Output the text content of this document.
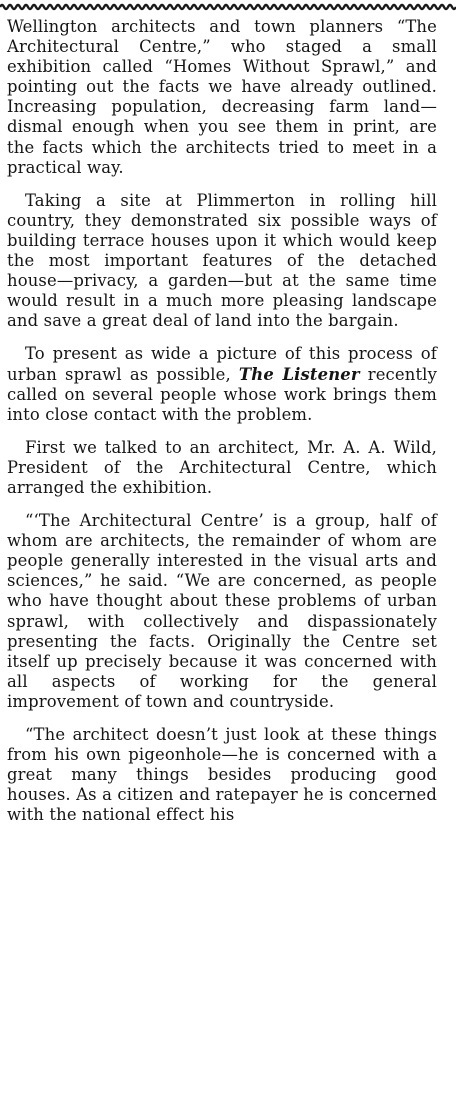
Wellington architects and town planners “The Architectural Centre,” who staged a small exhibition called “Homes Without Sprawl,” and pointing out the facts we have already outlined. Increasing population, decreasing farm land—dismal enough when you see them in print, are the facts which the architects tried to meet in a practical way.

Taking a site at Plimmerton in rolling hill country, they demonstrated six possible ways of building terrace houses upon it which would keep the most important features of the detached house—privacy, a garden—but at the same time would result in a much more pleasing landscape and save a great deal of land into the bargain.

To present as wide a picture of this process of urban sprawl as possible, The Listener recently called on several people whose work brings them into close contact with the problem.

First we talked to an architect, Mr. A. A. Wild, President of the Architectural Centre, which arranged the exhibition.

“‘The Architectural Centre’ is a group, half of whom are architects, the remainder of whom are people generally interested in the visual arts and sciences,” he said. “We are concerned, as people who have thought about these problems of urban sprawl, with collectively and dispassionately presenting the facts. Originally the Centre set itself up precisely because it was concerned with all aspects of working for the general improvement of town and countryside.

“The architect doesn’t just look at these things from his own pigeonhole—he is concerned with a great many things besides producing good houses. As a citizen and ratepayer he is concerned with the national effect his
